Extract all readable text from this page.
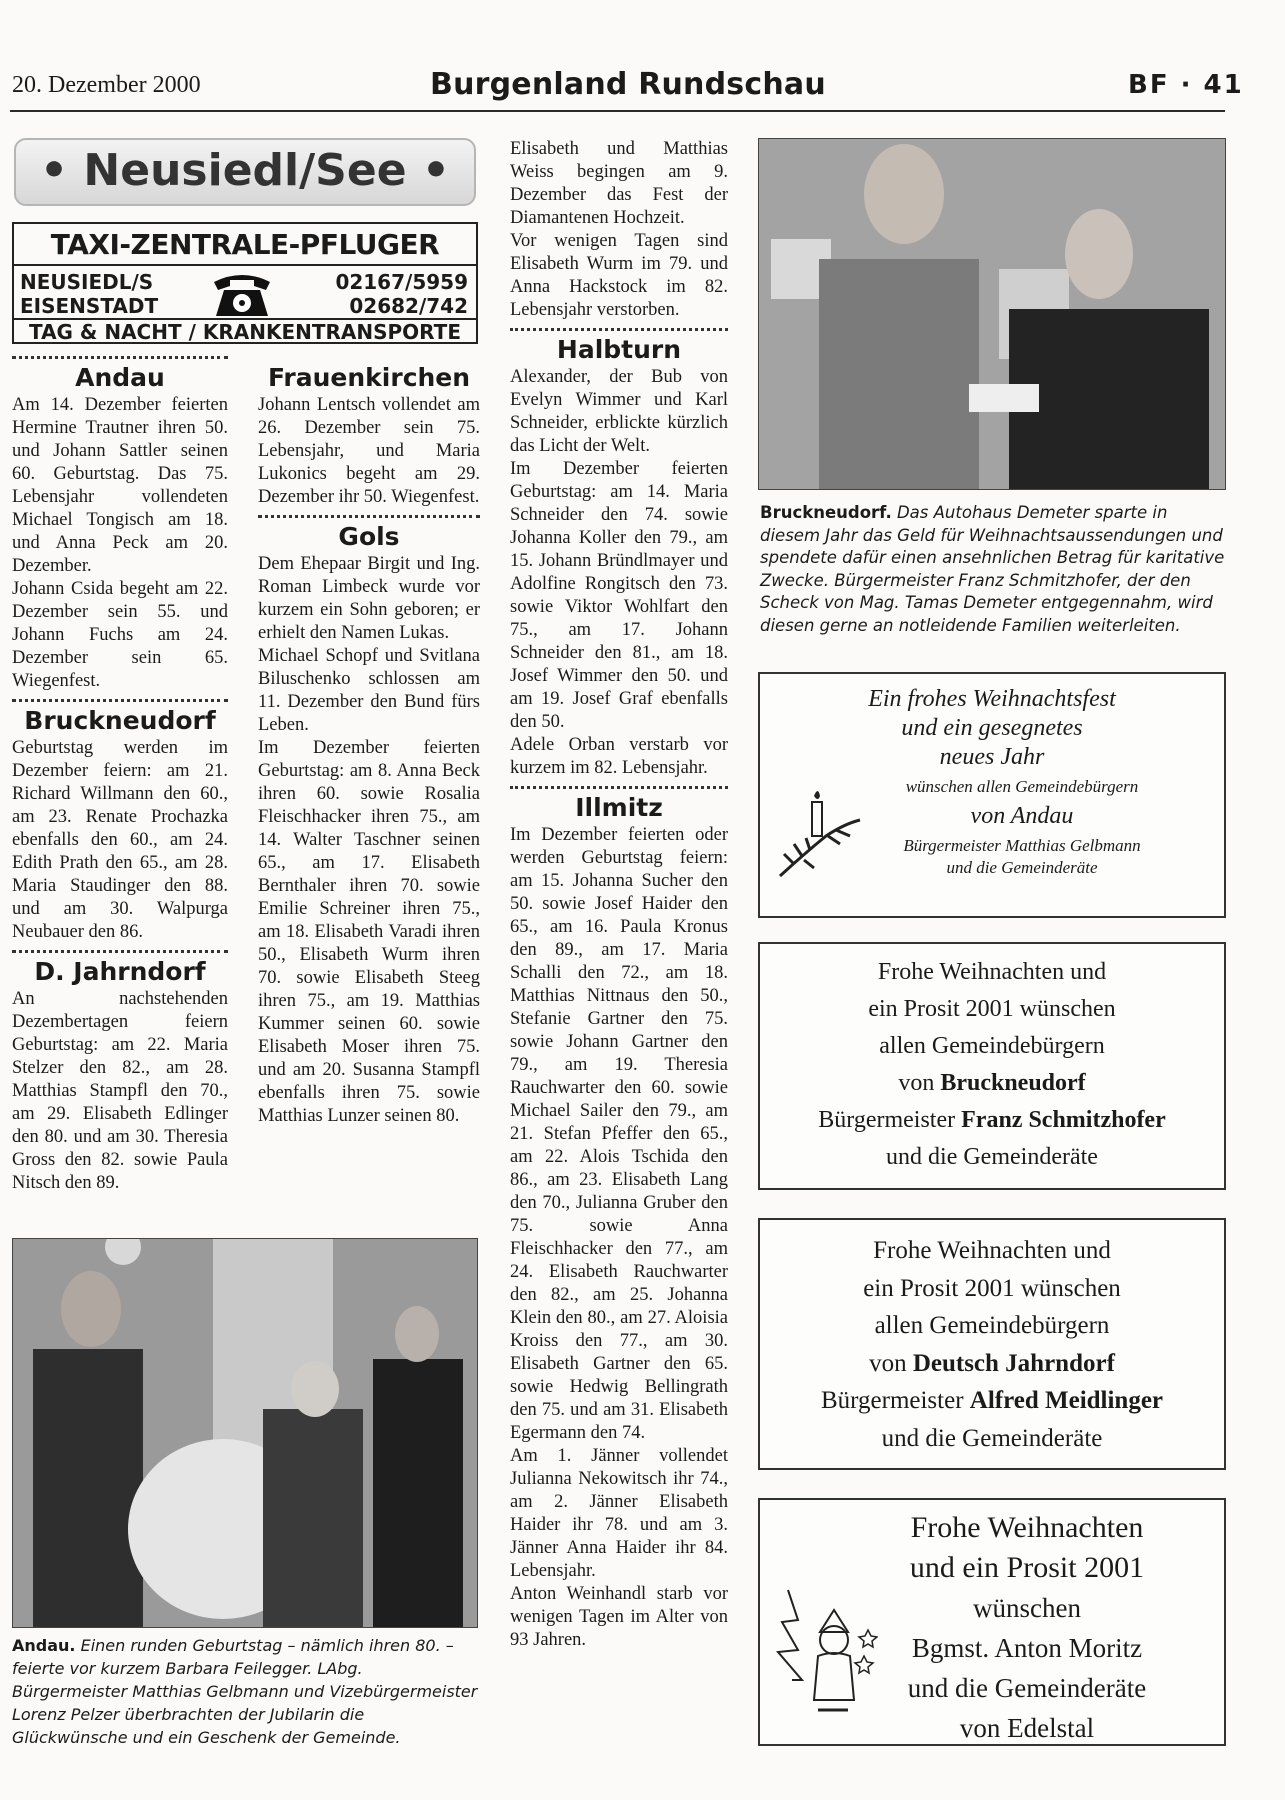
20. Dezember 2000	Burgenland Rundschau	BF · 41
• Neusiedl/See •
TAXI-ZENTRALE-PFLUGER
NEUSIEDL/S	02167/5959
EISENSTADT	02682/742
TAG & NACHT / KRANKENTRANSPORTE
Andau

Am 14. Dezember feierten Hermine Trautner ihren 50. und Johann Sattler seinen 60. Geburtstag. Das 75. Lebensjahr vollendeten Michael Tongisch am 18. und Anna Peck am 20. Dezember.

Johann Csida begeht am 22. Dezember sein 55. und Johann Fuchs am 24. Dezember sein 65. Wiegenfest.

Bruckneudorf

Geburtstag werden im Dezember feiern: am 21. Richard Willmann den 60., am 23. Renate Prochazka ebenfalls den 60., am 24. Edith Prath den 65., am 28. Maria Staudinger den 88. und am 30. Walpurga Neubauer den 86.

D. Jahrndorf

An nachstehenden Dezembertagen feiern Geburtstag: am 22. Maria Stelzer den 82., am 28. Matthias Stampfl den 70., am 29. Elisabeth Edlinger den 80. und am 30. Theresia Gross den 82. sowie Paula Nitsch den 89.

Frauenkirchen

Johann Lentsch vollendet am 26. Dezember sein 75. Lebensjahr, und Maria Lukonics begeht am 29. Dezember ihr 50. Wiegenfest.

Gols

Dem Ehepaar Birgit und Ing. Roman Limbeck wurde vor kurzem ein Sohn geboren; er erhielt den Namen Lukas.

Michael Schopf und Svitlana Biluschenko schlossen am 11. Dezember den Bund fürs Leben.

Im Dezember feierten Geburtstag: am 8. Anna Beck ihren 60. sowie Rosalia Fleischhacker ihren 75., am 14. Walter Taschner seinen 65., am 17. Elisabeth Bernthaler ihren 70. sowie Emilie Schreiner ihren 75., am 18. Elisabeth Varadi ihren 50., Elisabeth Wurm ihren 70. sowie Elisabeth Steeg ihren 75., am 19. Matthias Kummer seinen 60. sowie Elisabeth Moser ihren 75. und am 20. Susanna Stampfl ebenfalls ihren 75. sowie Matthias Lunzer seinen 80.

Andau. Einen runden Geburtstag – nämlich ihren 80. – feierte vor kurzem Barbara Feilegger. LAbg. Bürgermeister Matthias Gelbmann und Vizebürgermeister Lorenz Pelzer überbrachten der Jubilarin die Glückwünsche und ein Geschenk der Gemeinde.

Elisabeth und Matthias Weiss begingen am 9. Dezember das Fest der Diamantenen Hochzeit.

Vor wenigen Tagen sind Elisabeth Wurm im 79. und Anna Hackstock im 82. Lebensjahr verstorben.

Halbturn

Alexander, der Bub von Evelyn Wimmer und Karl Schneider, erblickte kürzlich das Licht der Welt.

Im Dezember feierten Geburtstag: am 14. Maria Schneider den 74. sowie Johanna Koller den 79., am 15. Johann Bründlmayer und Adolfine Rongitsch den 73. sowie Viktor Wohlfart den 75., am 17. Johann Schneider den 81., am 18. Josef Wimmer den 50. und am 19. Josef Graf ebenfalls den 50.

Adele Orban verstarb vor kurzem im 82. Lebensjahr.

Illmitz

Im Dezember feierten oder werden Geburtstag feiern: am 15. Johanna Sucher den 50. sowie Josef Haider den 65., am 16. Paula Kronus den 89., am 17. Maria Schalli den 72., am 18. Matthias Nittnaus den 50., Stefanie Gartner den 75. sowie Johann Gartner den 79., am 19. Theresia Rauchwarter den 60. sowie Michael Sailer den 79., am 21. Stefan Pfeffer den 65., am 22. Alois Tschida den 86., am 23. Elisabeth Lang den 70., Julianna Gruber den 75. sowie Anna Fleischhacker den 77., am 24. Elisabeth Rauchwarter den 82., am 25. Johanna Klein den 80., am 27. Aloisia Kroiss den 77., am 30. Elisabeth Gartner den 65. sowie Hedwig Bellingrath den 75. und am 31. Elisabeth Egermann den 74.

Am 1. Jänner vollendet Julianna Nekowitsch ihr 74., am 2. Jänner Elisabeth Haider ihr 78. und am 3. Jänner Anna Haider ihr 84. Lebensjahr.

Anton Weinhandl starb vor wenigen Tagen im Alter von 93 Jahren.

Bruckneudorf. Das Autohaus Demeter sparte in diesem Jahr das Geld für Weihnachtsaussendungen und spendete dafür einen ansehnlichen Betrag für karitative Zwecke. Bürgermeister Franz Schmitzhofer, der den Scheck von Mag. Tamas Demeter entgegennahm, wird diesen gerne an notleidende Familien weiterleiten.
Ein frohes Weihnachtsfest
und ein gesegnetes
neues Jahr
wünschen allen Gemeindebürgern
von Andau
Bürgermeister Matthias Gelbmann
und die Gemeinderäte
Frohe Weihnachten und
ein Prosit 2001 wünschen
allen Gemeindebürgern
von Bruckneudorf
Bürgermeister Franz Schmitzhofer
und die Gemeinderäte
Frohe Weihnachten und
ein Prosit 2001 wünschen
allen Gemeindebürgern
von Deutsch Jahrndorf
Bürgermeister Alfred Meidlinger
und die Gemeinderäte
Frohe Weihnachten
und ein Prosit 2001
wünschen
Bgmst. Anton Moritz
und die Gemeinderäte
von Edelstal
